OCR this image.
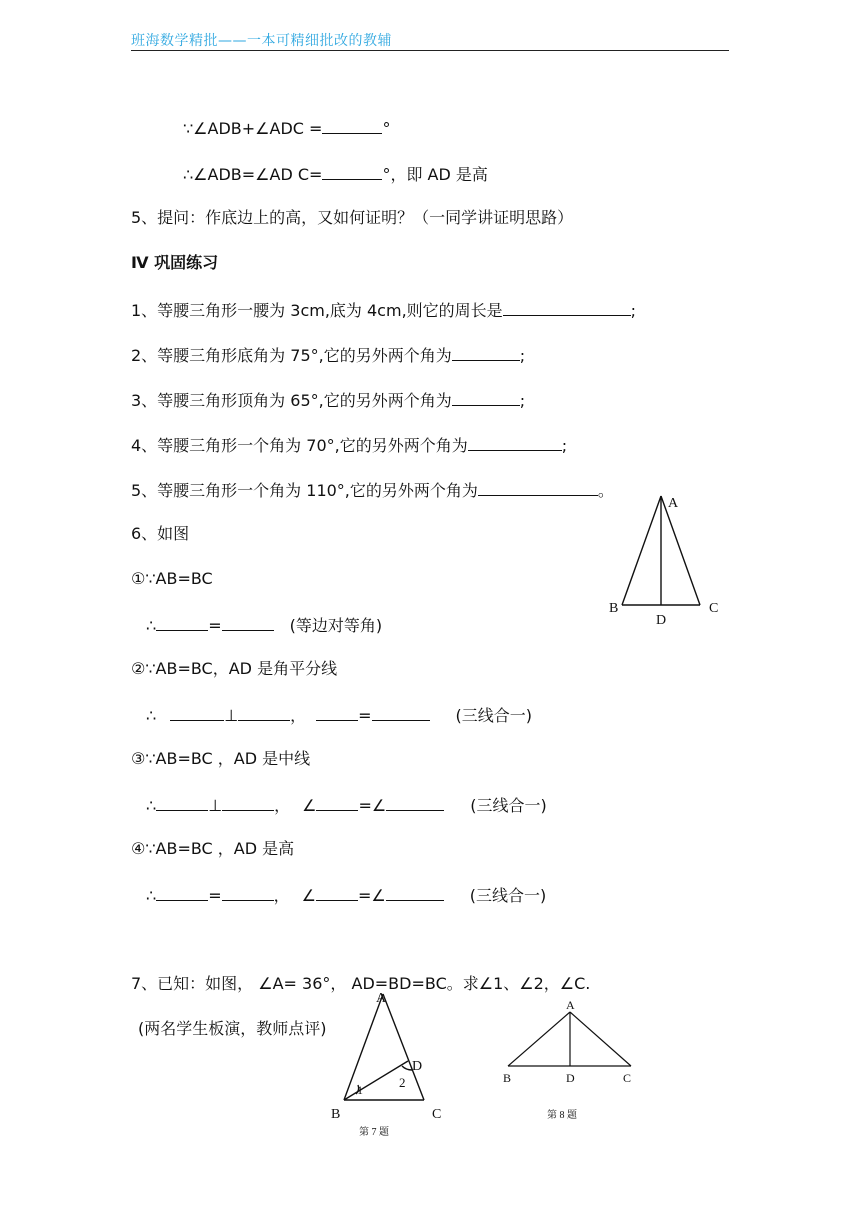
班海数学精批——一本可精细批改的教辅
∵∠ADB+∠ADC =	°
∴∠ADB=∠AD C=	°，即 AD 是高
5、提问：作底边上的高，又如何证明？（一同学讲证明思路）
Ⅳ 巩固练习
1、等腰三角形一腰为 3cm,底为 4cm,则它的周长是	;
2、等腰三角形底角为 75°,它的另外两个角为	;
3、等腰三角形顶角为 65°,它的另外两个角为	;
4、等腰三角形一个角为 70°,它的另外两个角为	;
5、等腰三角形一个角为 110°,它的另外两个角为	。
6、如图
①∵AB=BC
∴	=	(等边对等角)
②∵AB=BC，AD 是角平分线
∴	⊥	，	=	(三线合一)
③∵AB=BC ，AD 是中线
∴	⊥	， ∠	=∠	(三线合一)
④∵AB=BC ，AD 是高
∴	=	， ∠	=∠	(三线合一)
7、已知：如图， ∠A= 36°， AD=BD=BC。求∠1、∠2，∠C.
(两名学生板演，教师点评)
A
B	C
D
A
D
1	2
B	C
第 7 题
A
B	D	C
第 8 题
